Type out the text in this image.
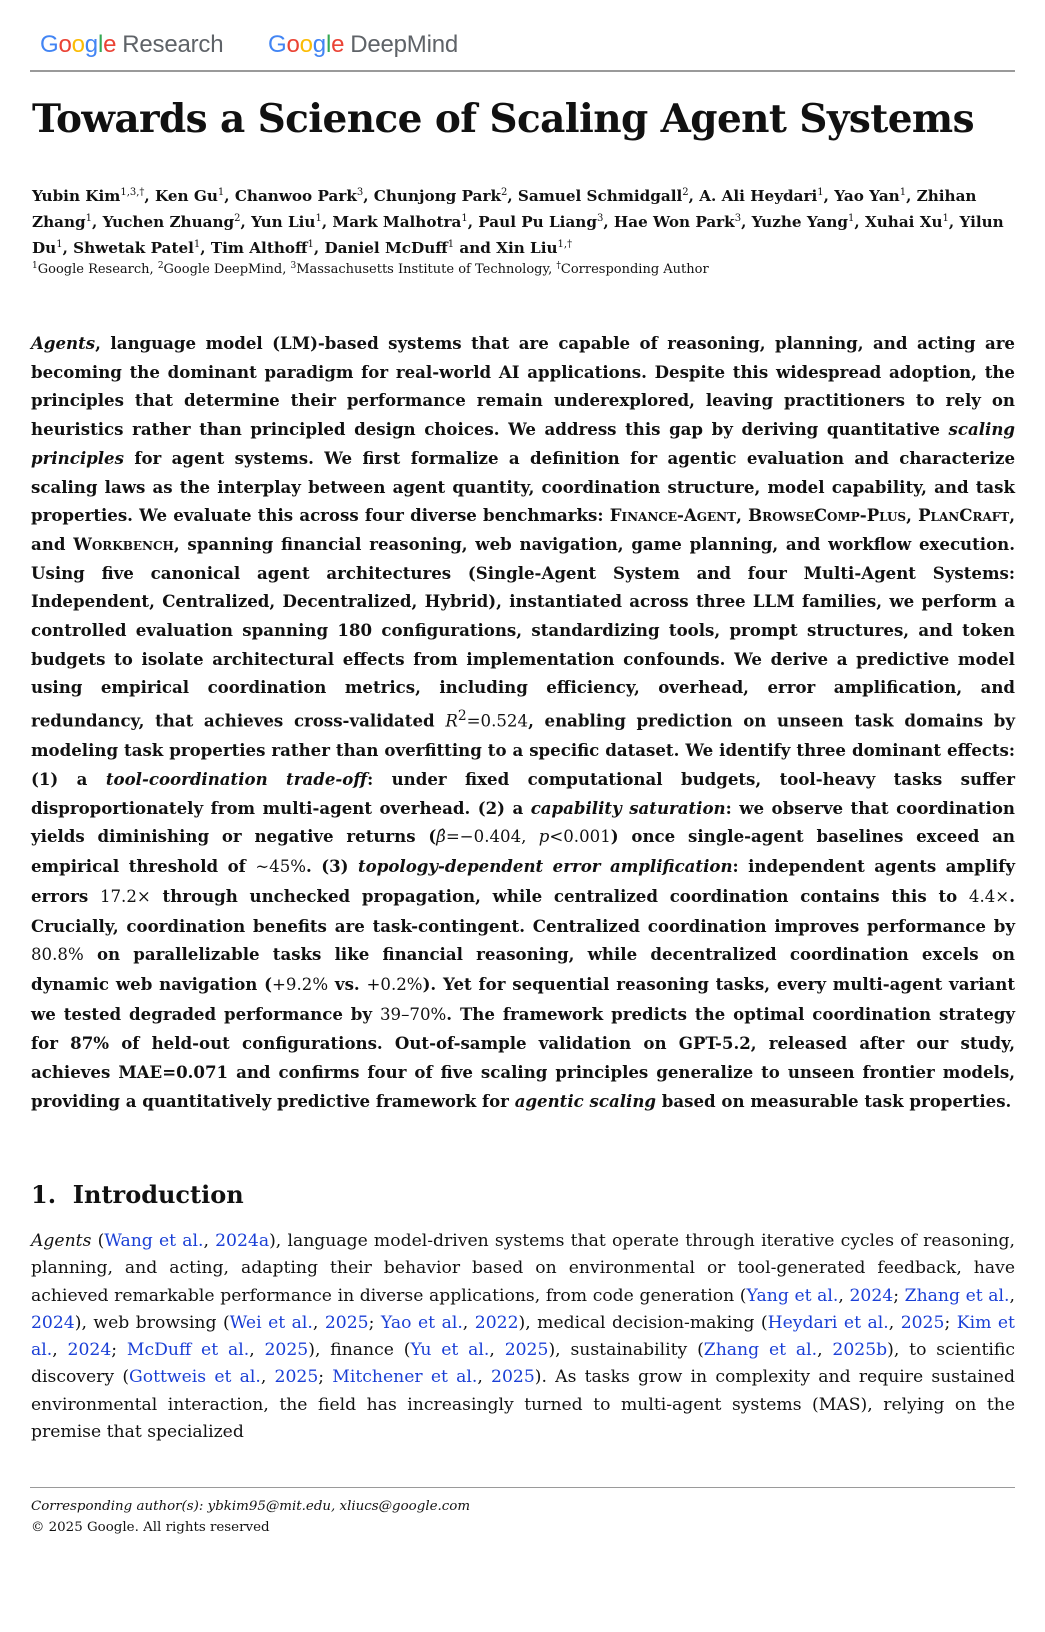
Google Research Google DeepMind
Towards a Science of Scaling Agent Systems
Yubin Kim$^{1,3,\dagger}$, Ken Gu$^1$, Chanwoo Park$^3$, Chunjong Park$^2$, Samuel Schmidgall$^2$, A. Ali Heydari$^1$, Yao Yan$^1$, Zhihan Zhang$^1$, Yuchen Zhuang$^2$, Yun Liu$^1$, Mark Malhotra$^1$, Paul Pu Liang$^3$, Hae Won Park$^3$, Yuzhe Yang$^1$, Xuhai Xu$^1$, Yilun Du$^1$, Shwetak Patel$^1$, Tim Althoff$^1$, Daniel McDuff$^1$ and Xin Liu$^{1,\dagger}$
$^1$Google Research, $^2$Google DeepMind, $^3$Massachusetts Institute of Technology, †Corresponding Author

Agents, language model (LM)-based systems that are capable of reasoning, planning, and acting are becoming the dominant paradigm for real-world AI applications. Despite this widespread adoption, the principles that determine their performance remain underexplored, leaving practitioners to rely on heuristics rather than principled design choices. We address this gap by deriving quantitative scaling principles for agent systems. We first formalize a definition for agentic evaluation and characterize scaling laws as the interplay between agent quantity, coordination structure, model capability, and task properties. We evaluate this across four diverse benchmarks: Finance-Agent, BrowseComp-Plus, PlanCraft, and Workbench, spanning financial reasoning, web navigation, game planning, and workflow execution. Using five canonical agent architectures (Single-Agent System and four Multi-Agent Systems: Independent, Centralized, Decentralized, Hybrid), instantiated across three LLM families, we perform a controlled evaluation spanning 180 configurations, standardizing tools, prompt structures, and token budgets to isolate architectural effects from implementation confounds. We derive a predictive model using empirical coordination metrics, including efficiency, overhead, error amplification, and redundancy, that achieves cross-validated $R^2=0.524$, enabling prediction on unseen task domains by modeling task properties rather than overfitting to a specific dataset. We identify three dominant effects: (1) a tool-coordination trade-off: under fixed computational budgets, tool-heavy tasks suffer disproportionately from multi-agent overhead. (2) a capability saturation: we observe that coordination yields diminishing or negative returns (β̂=−0.404, p<0.001) once single-agent baselines exceed an empirical threshold of ∼45%. (3) topology-dependent error amplification: independent agents amplify errors 17.2× through unchecked propagation, while centralized coordination contains this to 4.4×. Crucially, coordination benefits are task-contingent. Centralized coordination improves performance by 80.8% on parallelizable tasks like financial reasoning, while decentralized coordination excels on dynamic web navigation (+9.2% vs. +0.2%). Yet for sequential reasoning tasks, every multi-agent variant we tested degraded performance by 39–70%. The framework predicts the optimal coordination strategy for 87% of held-out configurations. Out-of-sample validation on GPT-5.2, released after our study, achieves MAE=0.071 and confirms four of five scaling principles generalize to unseen frontier models, providing a quantitatively predictive framework for agentic scaling based on measurable task properties.

1. Introduction

Agents (Wang et al., 2024a), language model-driven systems that operate through iterative cycles of reasoning, planning, and acting, adapting their behavior based on environmental or tool-generated feedback, have achieved remarkable performance in diverse applications, from code generation (Yang et al., 2024; Zhang et al., 2024), web browsing (Wei et al., 2025; Yao et al., 2022), medical decision-making (Heydari et al., 2025; Kim et al., 2024; McDuff et al., 2025), finance (Yu et al., 2025), sustainability (Zhang et al., 2025b), to scientific discovery (Gottweis et al., 2025; Mitchener et al., 2025). As tasks grow in complexity and require sustained environmental interaction, the field has increasingly turned to multi-agent systems (MAS), relying on the premise that specialized

Corresponding author(s): ybkim95@mit.edu, xliucs@google.com
© 2025 Google. All rights reserved
